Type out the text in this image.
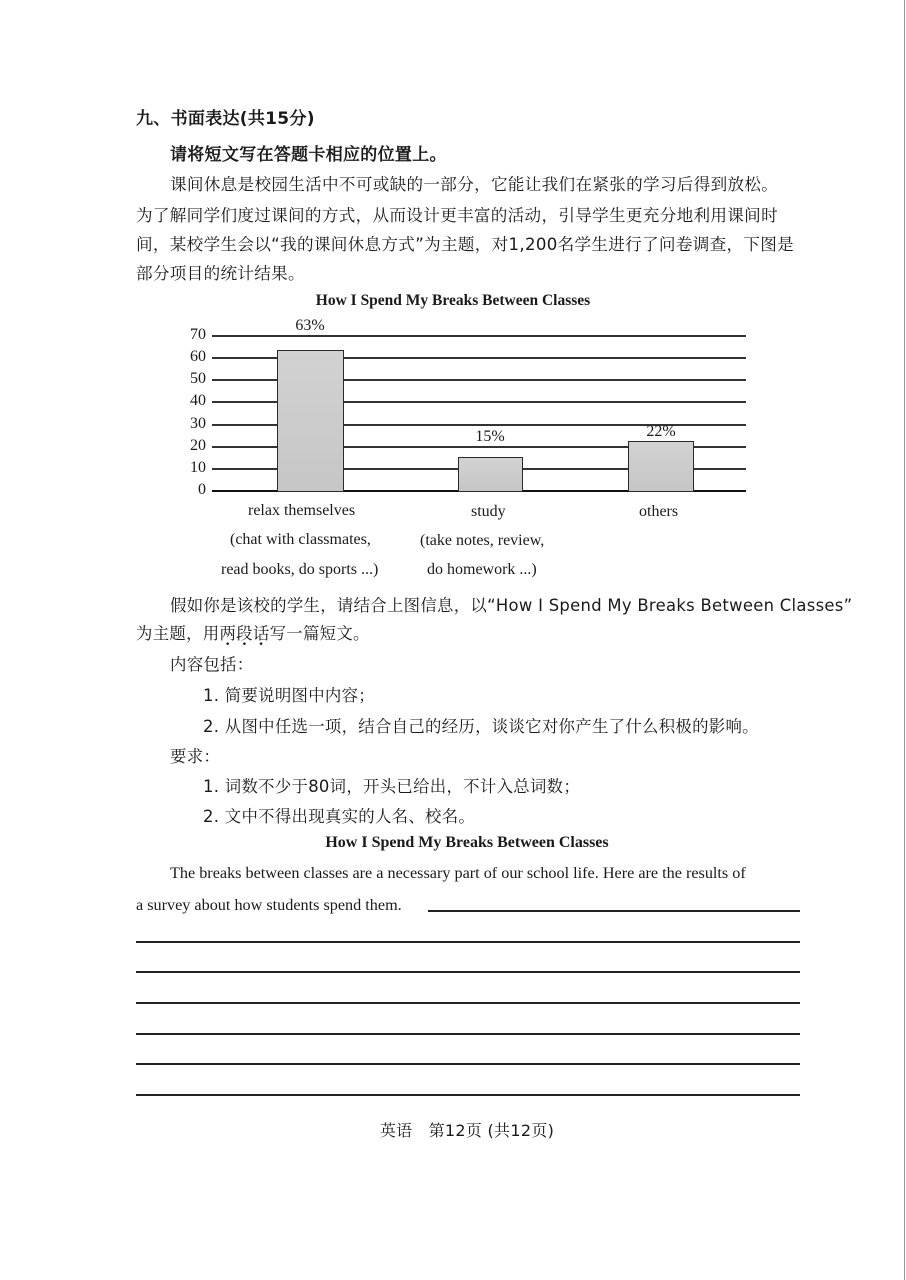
九、书面表达(共15分)
请将短文写在答题卡相应的位置上。
课间休息是校园生活中不可或缺的一部分，它能让我们在紧张的学习后得到放松。
为了解同学们度过课间的方式，从而设计更丰富的活动，引导学生更充分地利用课间时
间，某校学生会以“我的课间休息方式”为主题，对1,200名学生进行了问卷调查，下图是
部分项目的统计结果。
How I Spend My Breaks Between Classes
70
60
50
40
30
20
10
0
63%
15%	22%
relax themselves
(chat with classmates,
read books, do sports ...)
study
(take notes, review,
do homework ...)
others
假如你是该校的学生，请结合上图信息，以“How I Spend My Breaks Between Classes”
为主题，用两段话写一篇短文。
内容包括：
1. 简要说明图中内容；
2. 从图中任选一项，结合自己的经历，谈谈它对你产生了什么积极的影响。
要求：
1. 词数不少于80词，开头已给出，不计入总词数；
2. 文中不得出现真实的人名、校名。
How I Spend My Breaks Between Classes
The breaks between classes are a necessary part of our school life. Here are the results of
a survey about how students spend them.
英语   第12页 (共12页)
